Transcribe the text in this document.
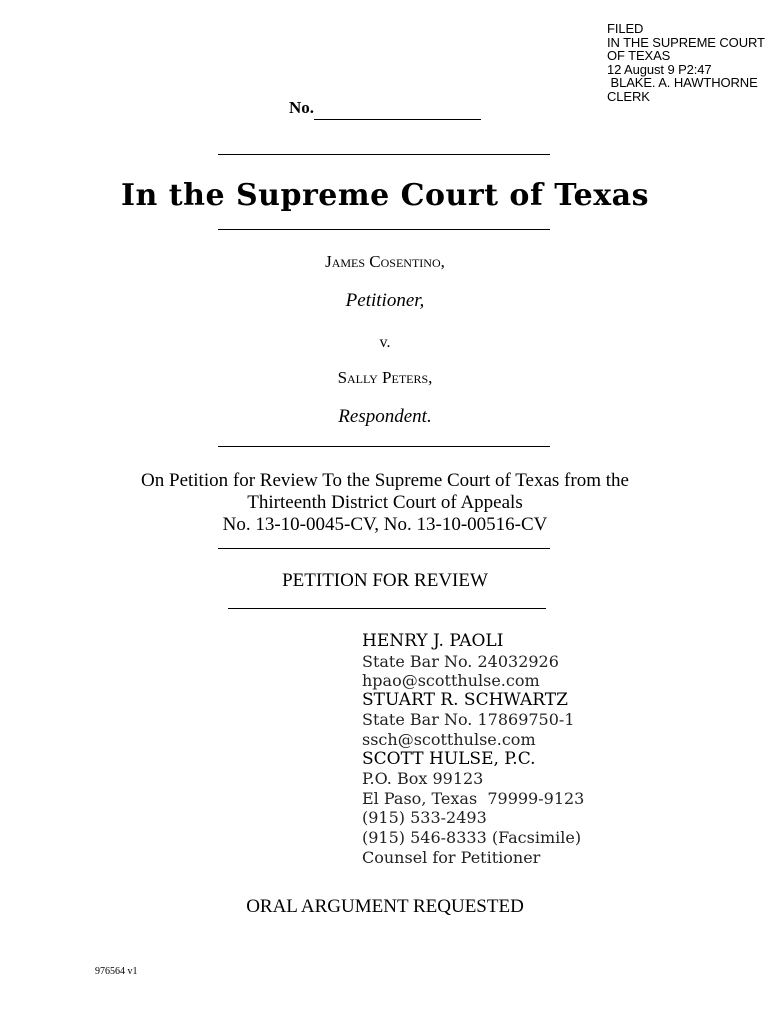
FILED
IN THE SUPREME COURT
OF TEXAS
12 August 9 P2:47
BLAKE. A. HAWTHORNE
CLERK
No.
In the Supreme Court of Texas
James Cosentino,
Petitioner,
v.
Sally Peters,
Respondent.
On Petition for Review To the Supreme Court of Texas from the
Thirteenth District Court of Appeals
No. 13-10-0045-CV, No. 13-10-00516-CV
PETITION FOR REVIEW
HENRY J. PAOLI
State Bar No. 24032926
hpao@scotthulse.com
STUART R. SCHWARTZ
State Bar No. 17869750-1
ssch@scotthulse.com
SCOTT HULSE, P.C.
P.O. Box 99123
El Paso, Texas  79999-9123
(915) 533-2493
(915) 546-8333 (Facsimile)
Counsel for Petitioner
ORAL ARGUMENT REQUESTED
976564 v1
